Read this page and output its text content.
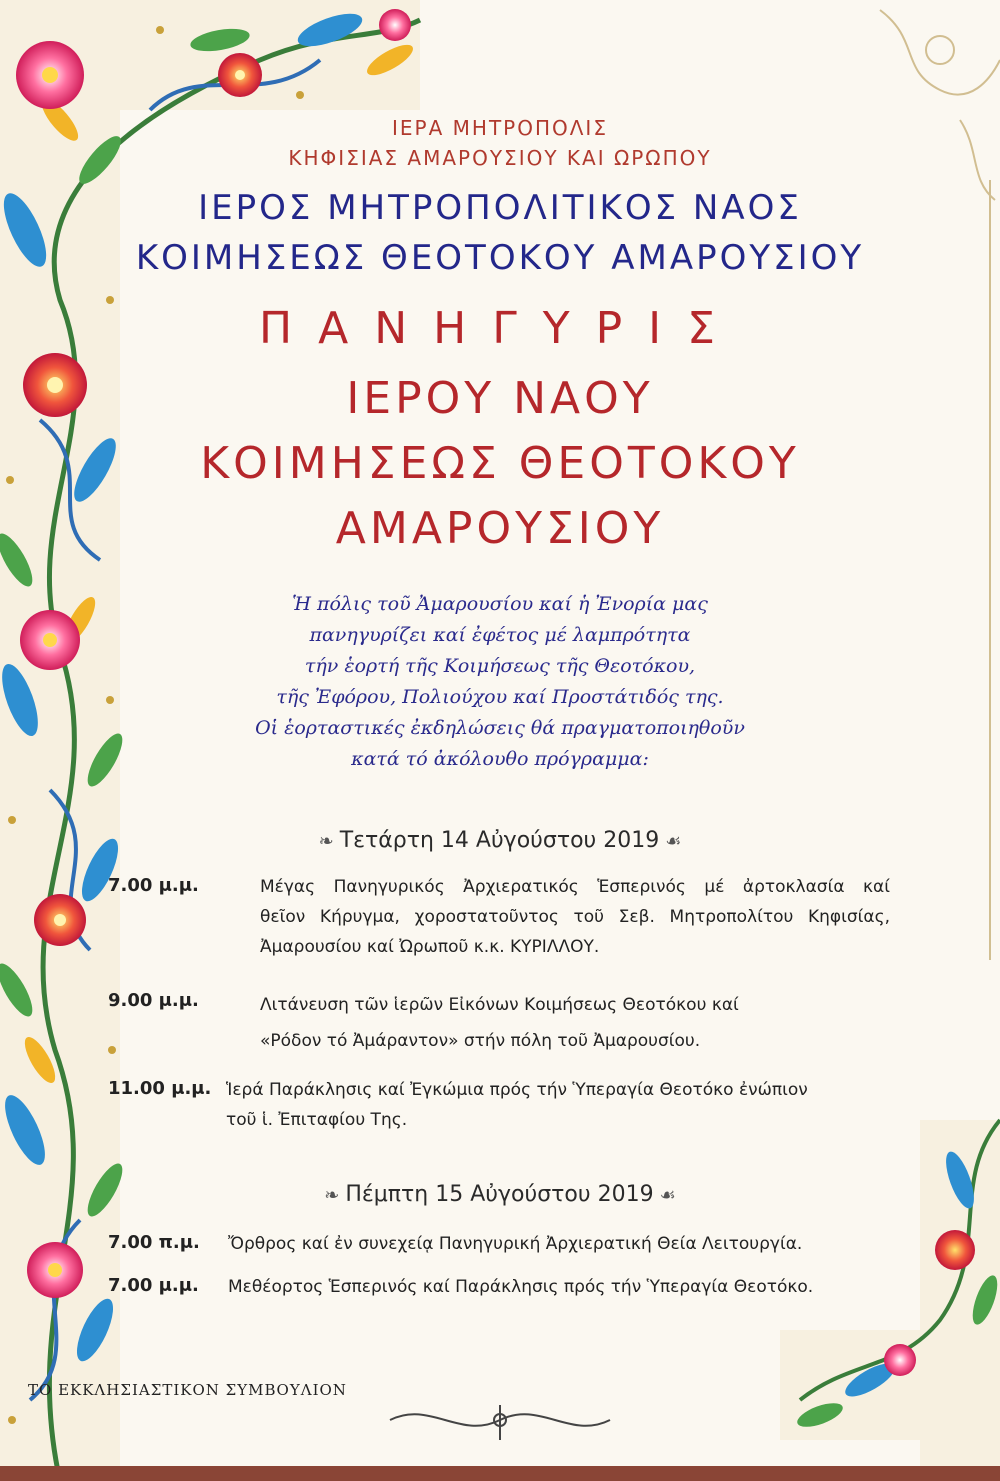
ΙΕΡΑ ΜΗΤΡΟΠΟΛΙΣ
ΚΗΦΙΣΙΑΣ ΑΜΑΡΟΥΣΙΟΥ ΚΑΙ ΩΡΩΠΟΥ
ΙΕΡΟΣ ΜΗΤΡΟΠΟΛΙΤΙΚΟΣ ΝΑΟΣ
ΚΟΙΜΗΣΕΩΣ ΘΕΟΤΟΚΟΥ ΑΜΑΡΟΥΣΙΟΥ
ΠΑΝΗΓΥΡΙΣ
ΙΕΡΟΥ ΝΑΟΥ
ΚΟΙΜΗΣΕΩΣ ΘΕΟΤΟΚΟΥ
ΑΜΑΡΟΥΣΙΟΥ
Ἡ πόλις τοῦ Ἀμαρουσίου καί ἡ Ἐνορία μας
πανηγυρίζει καί ἐφέτος μέ λαμπρότητα
τήν ἑορτή τῆς Κοιμήσεως τῆς Θεοτόκου,
τῆς Ἐφόρου, Πολιούχου καί Προστάτιδός της.
Οἱ ἑορταστικές ἐκδηλώσεις θά πραγματοποιηθοῦν
κατά τό ἀκόλουθο πρόγραμμα:
❧ Τετάρτη 14 Αὐγούστου 2019 ☙
7.00 μ.μ.	Μέγας Πανηγυρικός Ἀρχιερατικός Ἑσπερινός μέ ἀρτοκλασία καί
θεῖον Κήρυγμα, χοροστατοῦντος τοῦ Σεβ. Μητροπολίτου Κηφισίας,
Ἀμαρουσίου καί Ὠρωποῦ κ.κ. ΚΥΡΙΛΛΟΥ.
9.00 μ.μ.	Λιτάνευση τῶν ἱερῶν Εἰκόνων Κοιμήσεως Θεοτόκου καί
«Ρόδον τό Ἀμάραντον» στήν πόλη τοῦ Ἀμαρουσίου.
11.00 μ.μ. Ἱερά Παράκλησις καί Ἐγκώμια πρός τήν Ὑπεραγία Θεοτόκο ἐνώπιον
τοῦ ἱ. Ἐπιταφίου Της.
❧ Πέμπτη 15 Αὐγούστου 2019 ☙
7.00 π.μ. Ὄρθρος καί ἐν συνεχείᾳ Πανηγυρική Ἀρχιερατική Θεία Λειτουργία.
7.00 μ.μ. Μεθέορτος Ἑσπερινός καί Παράκλησις πρός τήν Ὑπεραγία Θεοτόκο.
ΤΟ ΕΚΚΛΗΣΙΑΣΤΙΚΟΝ ΣΥΜΒΟΥΛΙΟΝ
